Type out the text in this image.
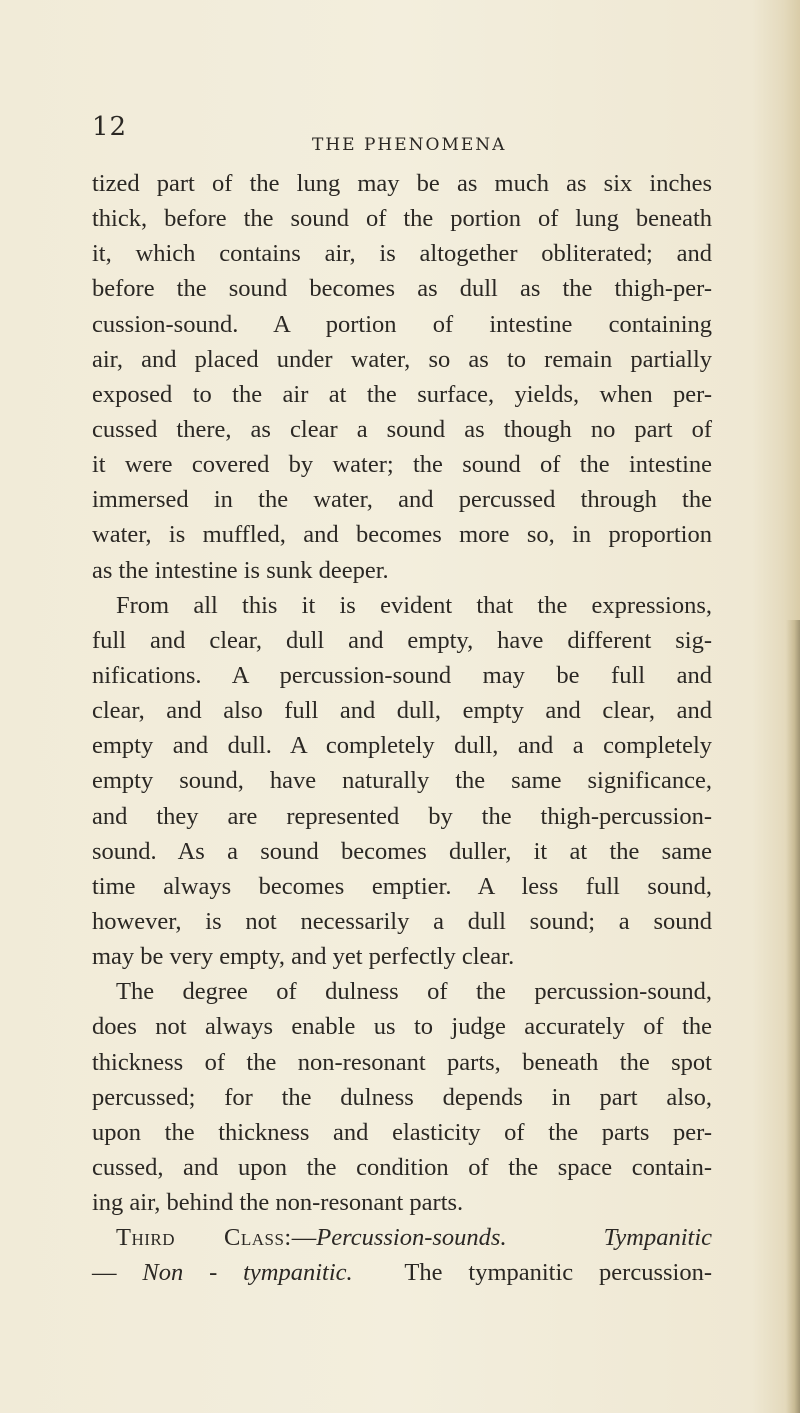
12
THE PHENOMENA
tized part of the lung may be as much as six inches
thick, before the sound of the portion of lung beneath
it, which contains air, is altogether obliterated; and
before the sound becomes as dull as the thigh-per-
cussion-sound. A portion of intestine containing
air, and placed under water, so as to remain partially
exposed to the air at the surface, yields, when per-
cussed there, as clear a sound as though no part of
it were covered by water; the sound of the intestine
immersed in the water, and percussed through the
water, is muffled, and becomes more so, in proportion
as the intestine is sunk deeper.
From all this it is evident that the expressions,
full and clear, dull and empty, have different sig-
nifications. A percussion-sound may be full and
clear, and also full and dull, empty and clear, and
empty and dull. A completely dull, and a completely
empty sound, have naturally the same significance,
and they are represented by the thigh-percussion-
sound. As a sound becomes duller, it at the same
time always becomes emptier. A less full sound,
however, is not necessarily a dull sound; a sound
may be very empty, and yet perfectly clear.
The degree of dulness of the percussion-sound,
does not always enable us to judge accurately of the
thickness of the non-resonant parts, beneath the spot
percussed; for the dulness depends in part also,
upon the thickness and elasticity of the parts per-
cussed, and upon the condition of the space contain-
ing air, behind the non-resonant parts.
Third Class:—Percussion-sounds.	Tympanitic
— Non - tympanitic. The tympanitic percussion-
